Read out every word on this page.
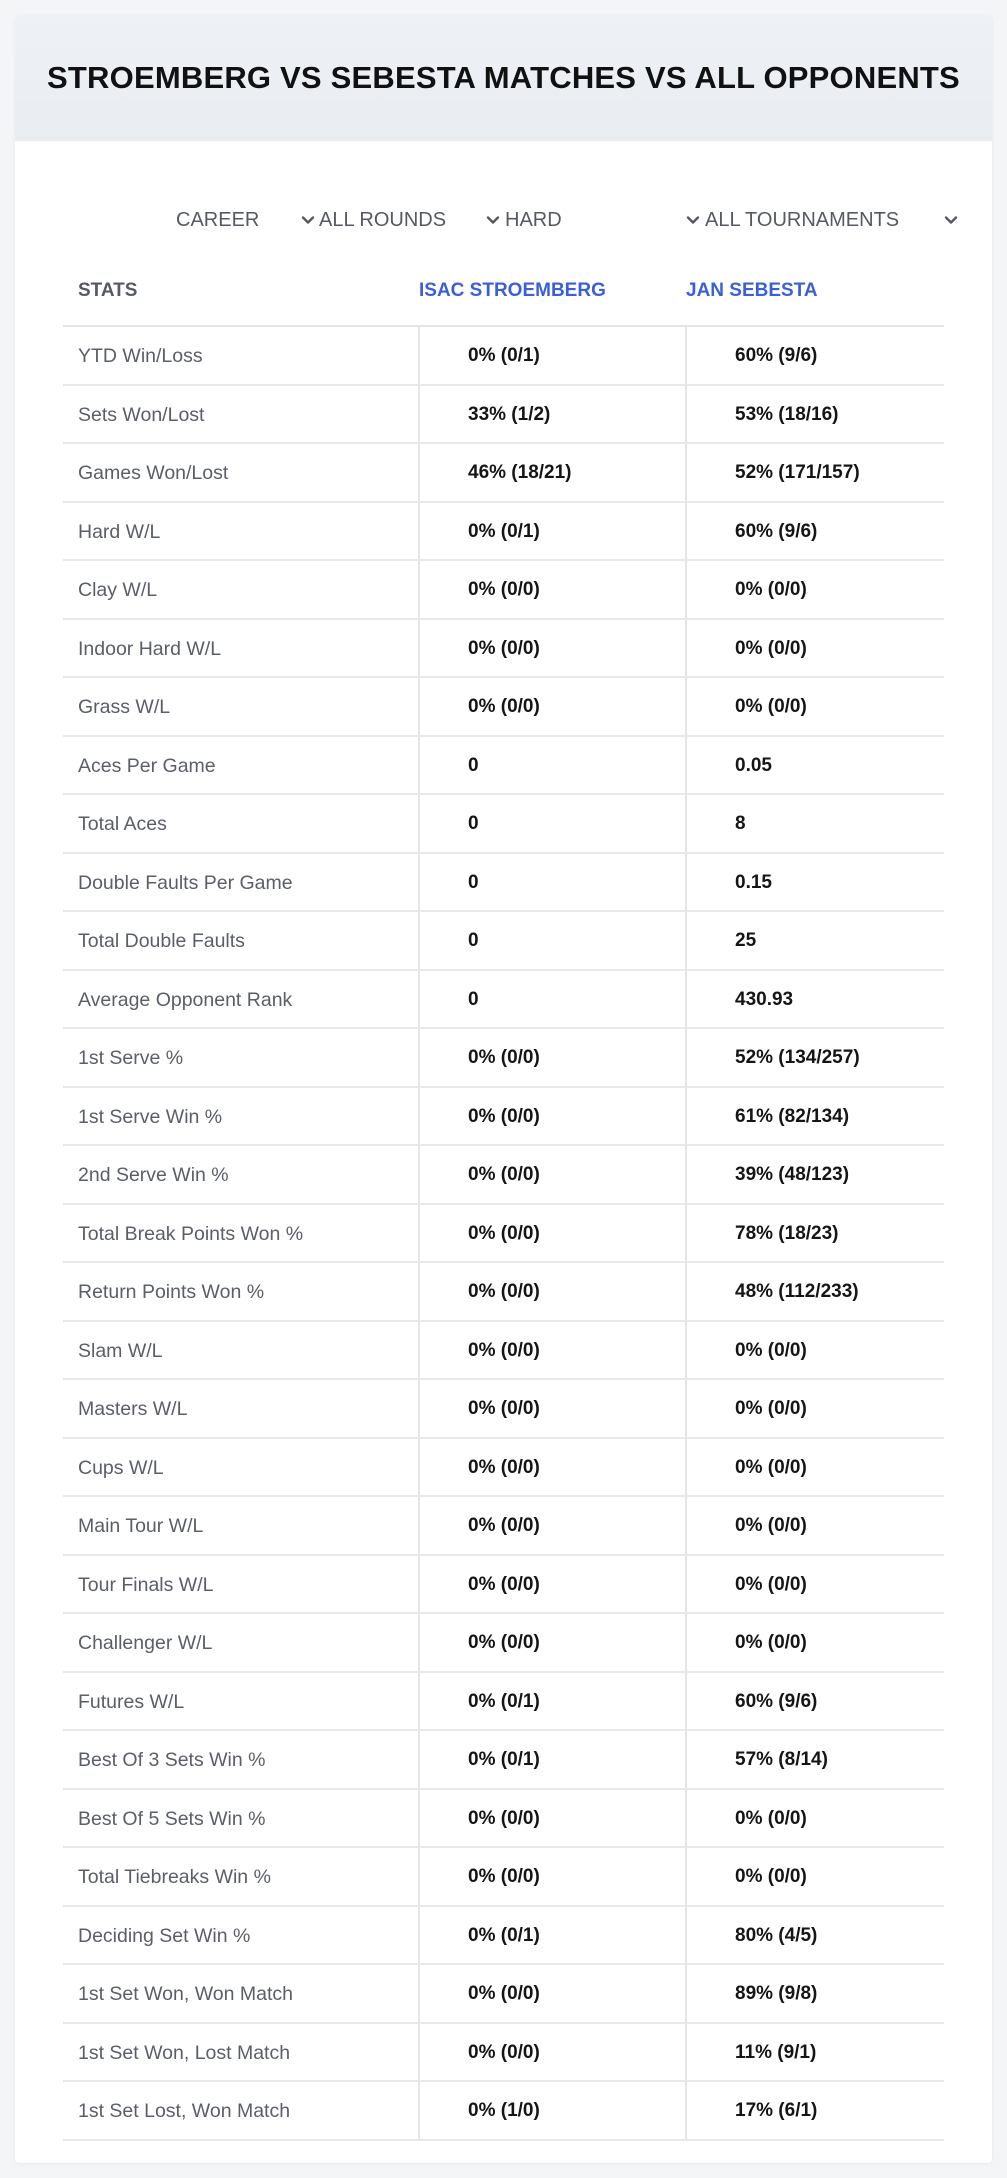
STROEMBERG VS SEBESTA MATCHES VS ALL OPPONENTS
CAREER	ALL ROUNDS	HARD	ALL TOURNAMENTS
STATS	ISAC STROEMBERG	JAN SEBESTA
YTD Win/Loss	0% (0/1)	60% (9/6)
Sets Won/Lost	33% (1/2)	53% (18/16)
Games Won/Lost	46% (18/21)	52% (171/157)
Hard W/L	0% (0/1)	60% (9/6)
Clay W/L	0% (0/0)	0% (0/0)
Indoor Hard W/L	0% (0/0)	0% (0/0)
Grass W/L	0% (0/0)	0% (0/0)
Aces Per Game	0	0.05
Total Aces	0	8
Double Faults Per Game	0	0.15
Total Double Faults	0	25
Average Opponent Rank	0	430.93
1st Serve %	0% (0/0)	52% (134/257)
1st Serve Win %	0% (0/0)	61% (82/134)
2nd Serve Win %	0% (0/0)	39% (48/123)
Total Break Points Won %	0% (0/0)	78% (18/23)
Return Points Won %	0% (0/0)	48% (112/233)
Slam W/L	0% (0/0)	0% (0/0)
Masters W/L	0% (0/0)	0% (0/0)
Cups W/L	0% (0/0)	0% (0/0)
Main Tour W/L	0% (0/0)	0% (0/0)
Tour Finals W/L	0% (0/0)	0% (0/0)
Challenger W/L	0% (0/0)	0% (0/0)
Futures W/L	0% (0/1)	60% (9/6)
Best Of 3 Sets Win %	0% (0/1)	57% (8/14)
Best Of 5 Sets Win %	0% (0/0)	0% (0/0)
Total Tiebreaks Win %	0% (0/0)	0% (0/0)
Deciding Set Win %	0% (0/1)	80% (4/5)
1st Set Won, Won Match	0% (0/0)	89% (9/8)
1st Set Won, Lost Match	0% (0/0)	11% (9/1)
1st Set Lost, Won Match	0% (1/0)	17% (6/1)
